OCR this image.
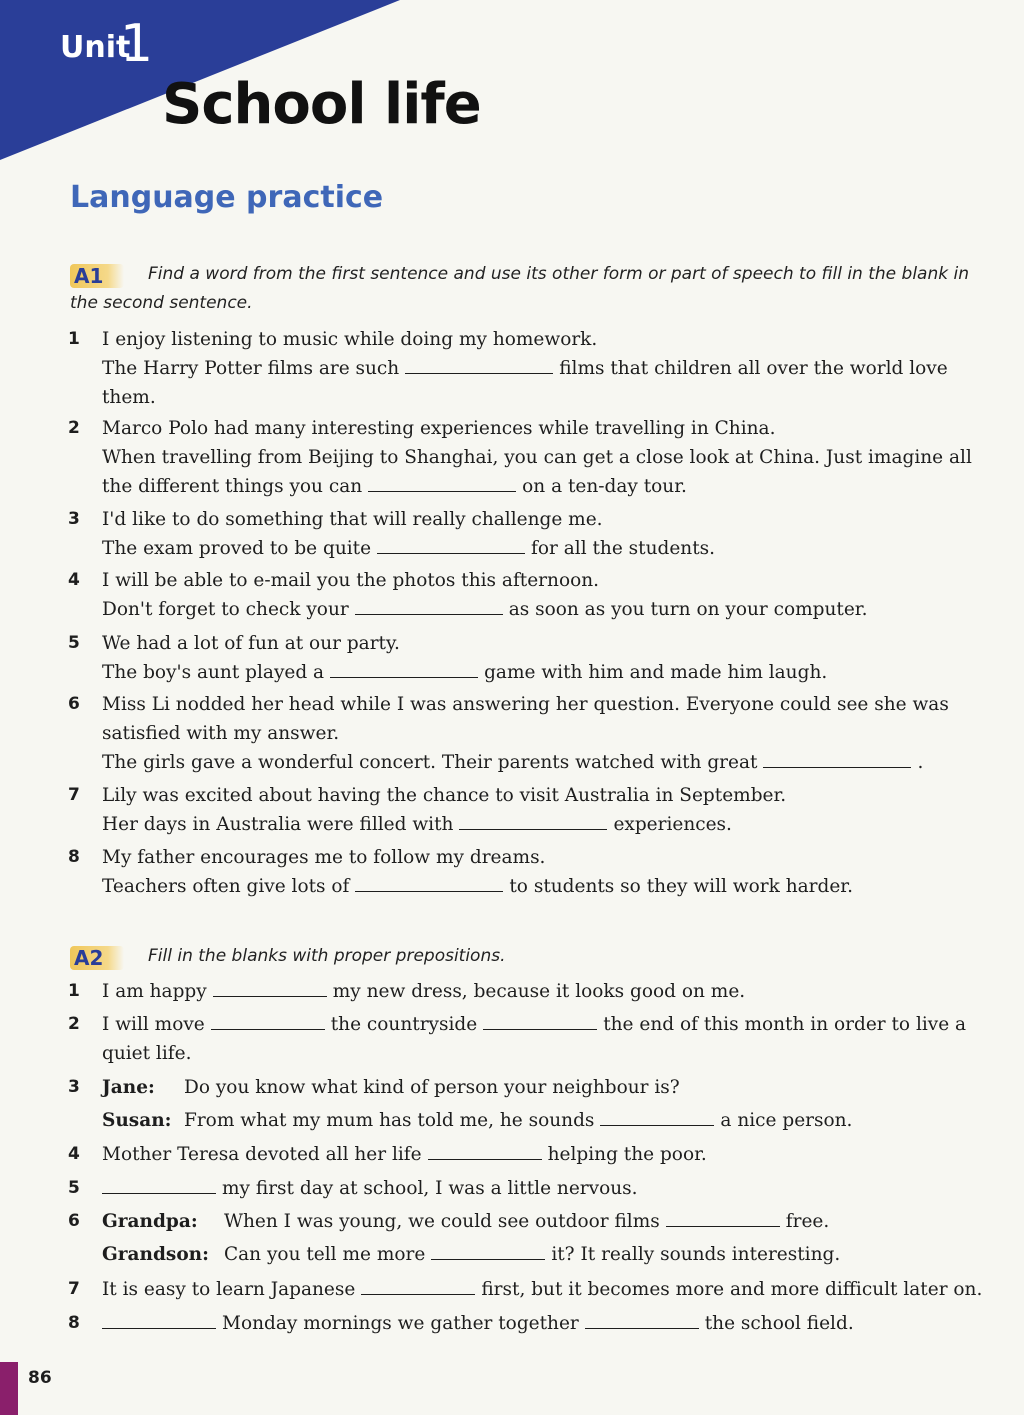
Unit
1
School life
Language practice
A1	Find a word from the first sentence and use its other form or part of speech to fill in the blank in the second sentence.
1 I enjoy listening to music while doing my homework.

The Harry Potter films are such	films that children all over the world love them.

2 Marco Polo had many interesting experiences while travelling in China.

When travelling from Beijing to Shanghai, you can get a close look at China. Just imagine all the different things you can	on a ten-day tour.

3 I'd like to do something that will really challenge me.

The exam proved to be quite	for all the students.

4 I will be able to e-mail you the photos this afternoon.

Don't forget to check your	as soon as you turn on your computer.

5 We had a lot of fun at our party.

The boy's aunt played a	game with him and made him laugh.

6 Miss Li nodded her head while I was answering her question. Everyone could see she was satisfied with my answer.

The girls gave a wonderful concert. Their parents watched with great	.

7 Lily was excited about having the chance to visit Australia in September.

Her days in Australia were filled with	experiences.

8 My father encourages me to follow my dreams.

Teachers often give lots of	to students so they will work harder.

A2	Fill in the blanks with proper prepositions.
1 I am happy	my new dress, because it looks good on me.

2 I will move	the countryside	the end of this month in order to live a quiet life.

3 Jane: Do you know what kind of person your neighbour is?

Susan: From what my mum has told me, he sounds	a nice person.

4 Mother Teresa devoted all her life	helping the poor.

5	my first day at school, I was a little nervous.

6 Grandpa: When I was young, we could see outdoor films	free.

Grandson: Can you tell me more	it? It really sounds interesting.

7 It is easy to learn Japanese	first, but it becomes more and more difficult later on.

8	Monday mornings we gather together	the school field.

86
